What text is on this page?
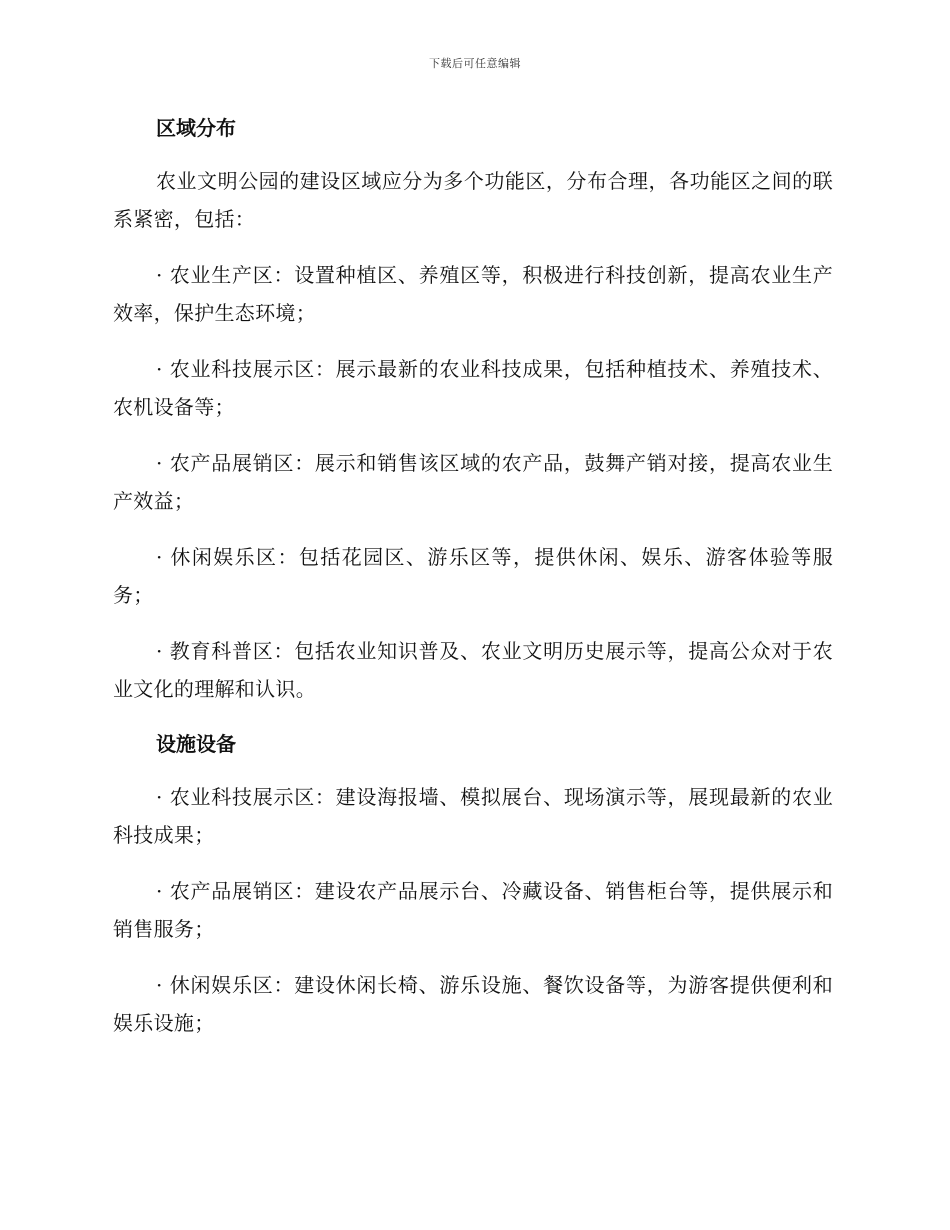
下载后可任意编辑
区域分布

农业文明公园的建设区域应分为多个功能区，分布合理，各功能区之间的联系紧密，包括：

· 农业生产区：设置种植区、养殖区等，积极进行科技创新，提高农业生产效率，保护生态环境；

· 农业科技展示区：展示最新的农业科技成果，包括种植技术、养殖技术、农机设备等；

· 农产品展销区：展示和销售该区域的农产品，鼓舞产销对接，提高农业生产效益；

· 休闲娱乐区：包括花园区、游乐区等，提供休闲、娱乐、游客体验等服务；

· 教育科普区：包括农业知识普及、农业文明历史展示等，提高公众对于农业文化的理解和认识。

设施设备

· 农业科技展示区：建设海报墙、模拟展台、现场演示等，展现最新的农业科技成果；

· 农产品展销区：建设农产品展示台、冷藏设备、销售柜台等，提供展示和销售服务；

· 休闲娱乐区：建设休闲长椅、游乐设施、餐饮设备等，为游客提供便利和娱乐设施；
